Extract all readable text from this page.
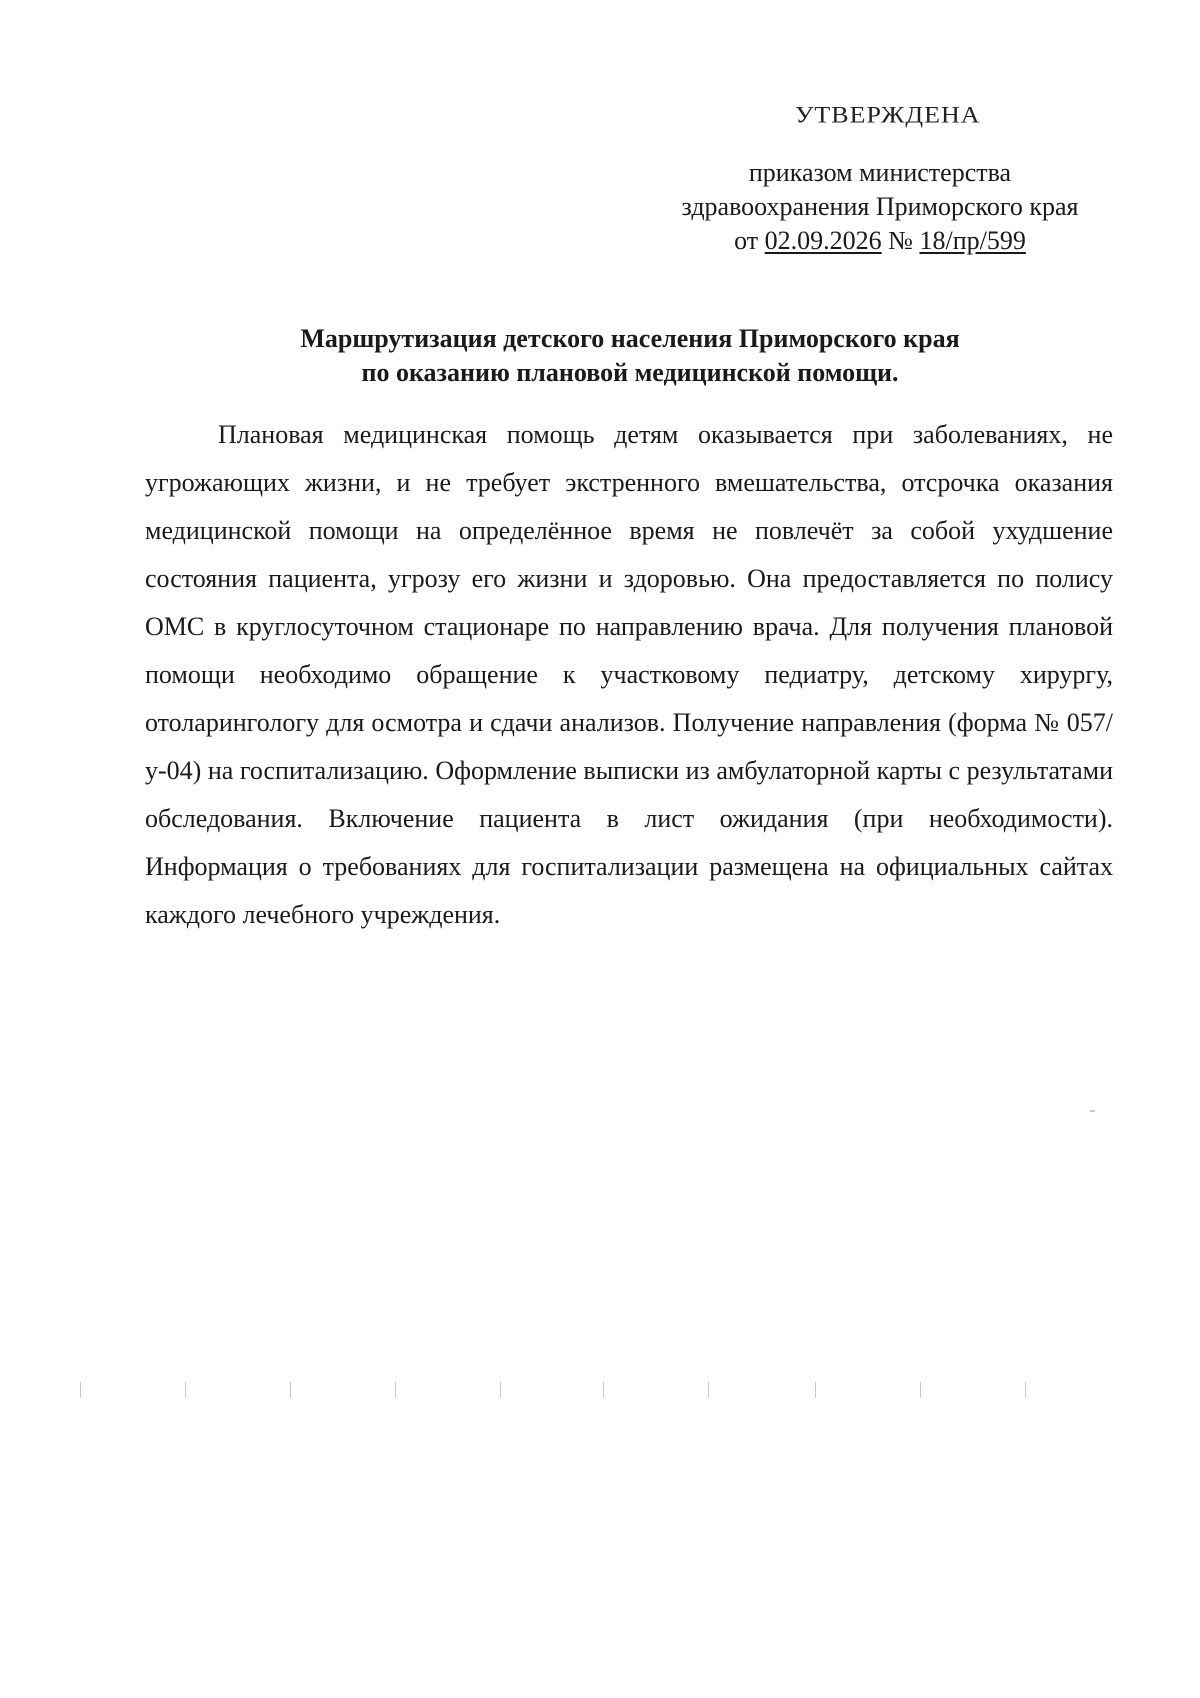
УТВЕРЖДЕНА
приказом министерства
здравоохранения Приморского края
от 02.09.2026 № 18/пр/599
Маршрутизация детского населения Приморского края
по оказанию плановой медицинской помощи.

Плановая медицинская помощь детям оказывается при заболеваниях, не угрожающих жизни, и не требует экстренного вмешательства, отсрочка оказания медицинской помощи на определённое время не повлечёт за собой ухудшение состояния пациента, угрозу его жизни и здоровью. Она предоставляется по полису ОМС в круглосуточном стационаре по направлению врача. Для получения плановой помощи необходимо обращение к участковому педиатру, детскому хирургу, отоларингологу для осмотра и сдачи анализов. Получение направления (форма № 057/у-04) на госпитализацию. Оформление выписки из амбулаторной карты с результатами обследования. Включение пациента в лист ожидания (при необходимости). Информация о требованиях для госпитализации размещена на официальных сайтах каждого лечебного учреждения.
